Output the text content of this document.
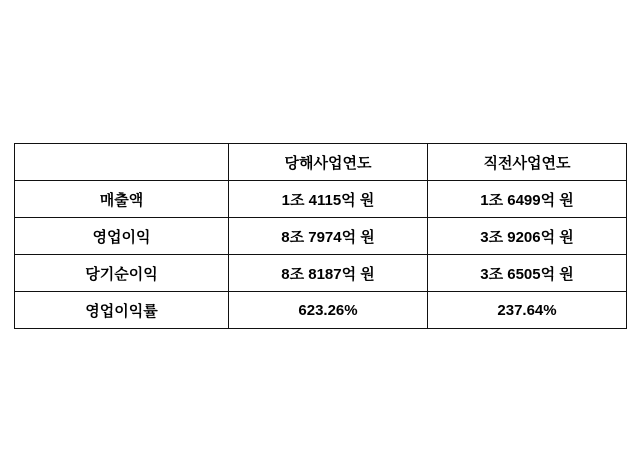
	당해사업연도	직전사업연도
매출액	1조 4115억 원	1조 6499억 원
영업이익	8조 7974억 원	3조 9206억 원
당기순이익	8조 8187억 원	3조 6505억 원
영업이익률	623.26%	237.64%
